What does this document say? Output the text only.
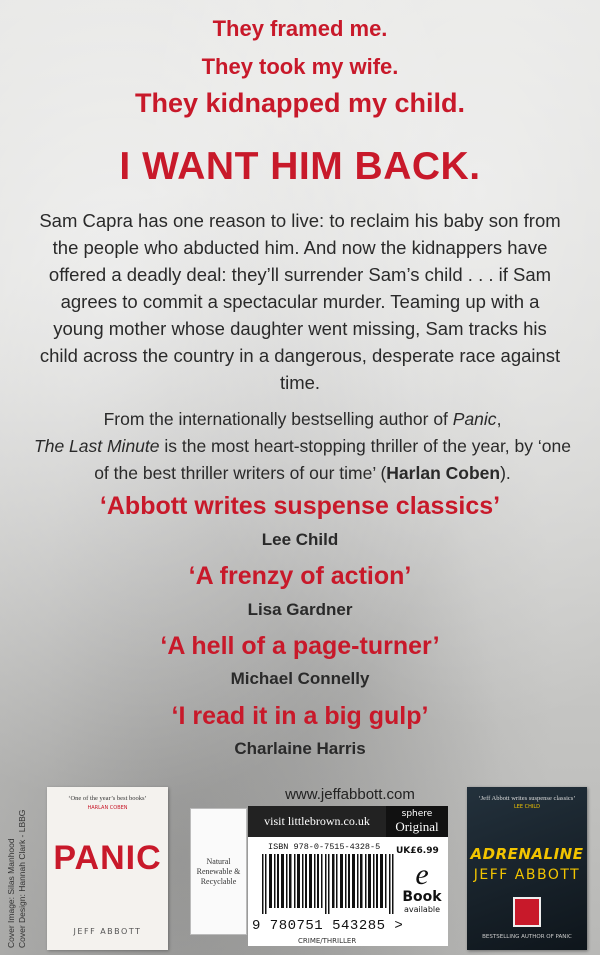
They framed me.
They took my wife.
They kidnapped my child.
I WANT HIM BACK.
Sam Capra has one reason to live: to reclaim his baby son from the people who abducted him. And now the kidnappers have offered a deadly deal: they’ll surrender Sam’s child . . . if Sam agrees to commit a spectacular murder. Teaming up with a young mother whose daughter went missing, Sam tracks his child across the country in a dangerous, desperate race against time.
From the internationally bestselling author of Panic,
The Last Minute is the most heart-stopping thriller of the year, by ‘one of the best thriller writers of our time’ (Harlan Coben).
‘Abbott writes suspense classics’
Lee Child
‘A frenzy of action’
Lisa Gardner
‘A hell of a page-turner’
Michael Connelly
‘I read it in a big gulp’
Charlaine Harris
Cover Image: Silas Manhood Cover Design: Hannah Clark - LBBG
‘One of the year’s best books’
HARLAN COBEN
PANIC
JEFF ABBOTT
Natural Renewable & Recyclable
www.jeffabbott.com
visit littlebrown.co.uk	sphere
Original
ISBN 978-0-7515-4328-5
9 780751 543285 >
CRIME/THRILLER
UK£6.99
e
Book
available
‘Jeff Abbott writes suspense classics’
LEE CHILD
ADRENALINE
JEFF ABBOTT
BESTSELLING AUTHOR OF PANIC
